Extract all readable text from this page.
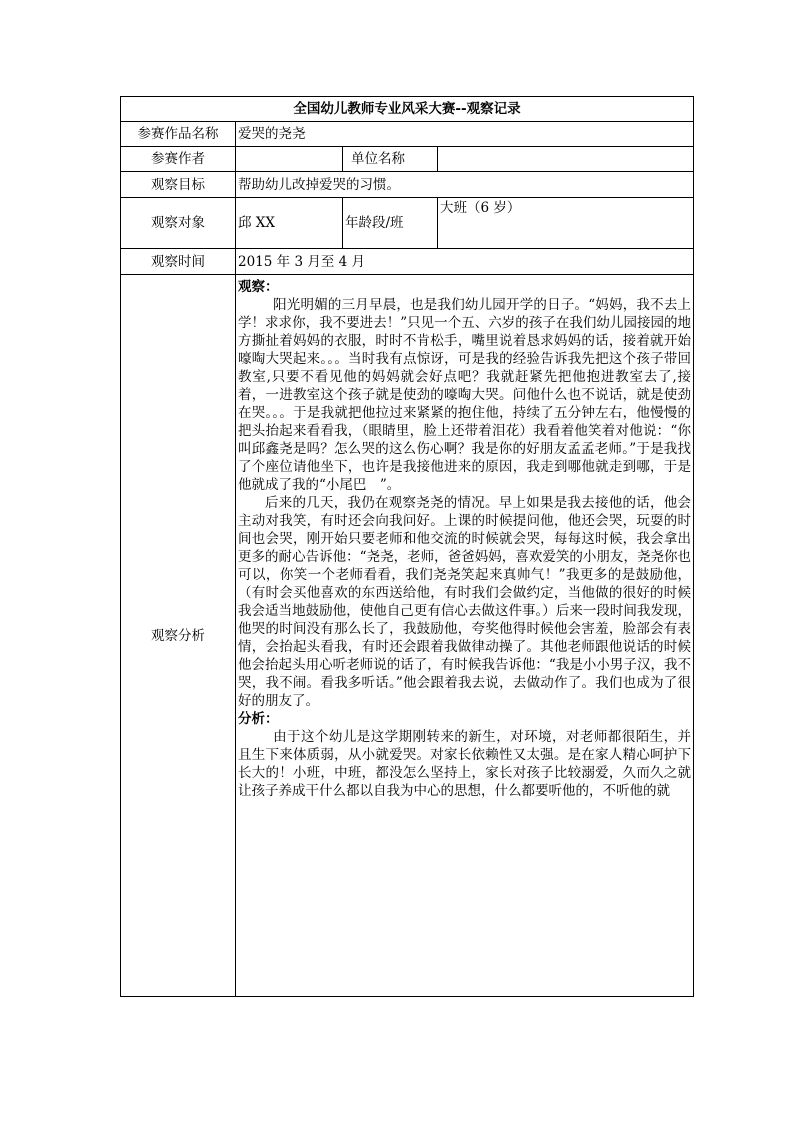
全国幼儿教师专业风采大赛--观察记录			
参赛作品名称	爱哭的尧尧		
参赛作者		单位名称	
观察目标	帮助幼儿改掉爱哭的习惯。		
观察对象	邱 XX	年龄段/班	大班（6 岁）
观察时间	2015 年 3 月至 4 月		
观察分析	观察：

阳光明媚的三月早晨，也是我们幼儿园开学的日子。“妈妈，我不去上学！求求你，我不要进去！”只见一个五、六岁的孩子在我们幼儿园接园的地方撕扯着妈妈的衣服，时时不肯松手，嘴里说着恳求妈妈的话，接着就开始嚎啕大哭起来。。。当时我有点惊讶，可是我的经验告诉我先把这个孩子带回教室,只要不看见他的妈妈就会好点吧？我就赶紧先把他抱进教室去了,接着，一进教室这个孩子就是使劲的嚎啕大哭。问他什么也不说话，就是使劲在哭。。。于是我就把他拉过来紧紧的抱住他，持续了五分钟左右，他慢慢的把头抬起来看看我，（眼睛里，脸上还带着泪花）我看着他笑着对他说：“你叫邱鑫尧是吗？怎么哭的这么伤心啊？我是你的好朋友孟孟老师。”于是我找了个座位请他坐下，也许是我接他进来的原因，我走到哪他就走到哪，于是他就成了我的“小尾巴　”。

后来的几天，我仍在观察尧尧的情况。早上如果是我去接他的话，他会主动对我笑，有时还会向我问好。上课的时候提问他，他还会哭，玩耍的时间也会哭，刚开始只要老师和他交流的时候就会哭，每每这时候，我会拿出更多的耐心告诉他：“尧尧，老师，爸爸妈妈，喜欢爱笑的小朋友，尧尧你也可以，你笑一个老师看看，我们尧尧笑起来真帅气！”我更多的是鼓励他，（有时会买他喜欢的东西送给他，有时我们会做约定，当他做的很好的时候我会适当地鼓励他，使他自己更有信心去做这件事。）后来一段时间我发现，他哭的时间没有那么长了，我鼓励他，夸奖他得时候他会害羞，脸部会有表情，会抬起头看我，有时还会跟着我做律动操了。其他老师跟他说话的时候他会抬起头用心听老师说的话了，有时候我告诉他：“我是小小男子汉，我不哭，我不闹。看我多听话。”他会跟着我去说，去做动作了。我们也成为了很好的朋友了。

分析：

由于这个幼儿是这学期刚转来的新生，对环境，对老师都很陌生，并且生下来体质弱，从小就爱哭。对家长依赖性又太强。是在家人精心呵护下长大的！小班，中班，都没怎么坚持上，家长对孩子比较溺爱，久而久之就让孩子养成干什么都以自我为中心的思想，什么都要听他的，不听他的就		
